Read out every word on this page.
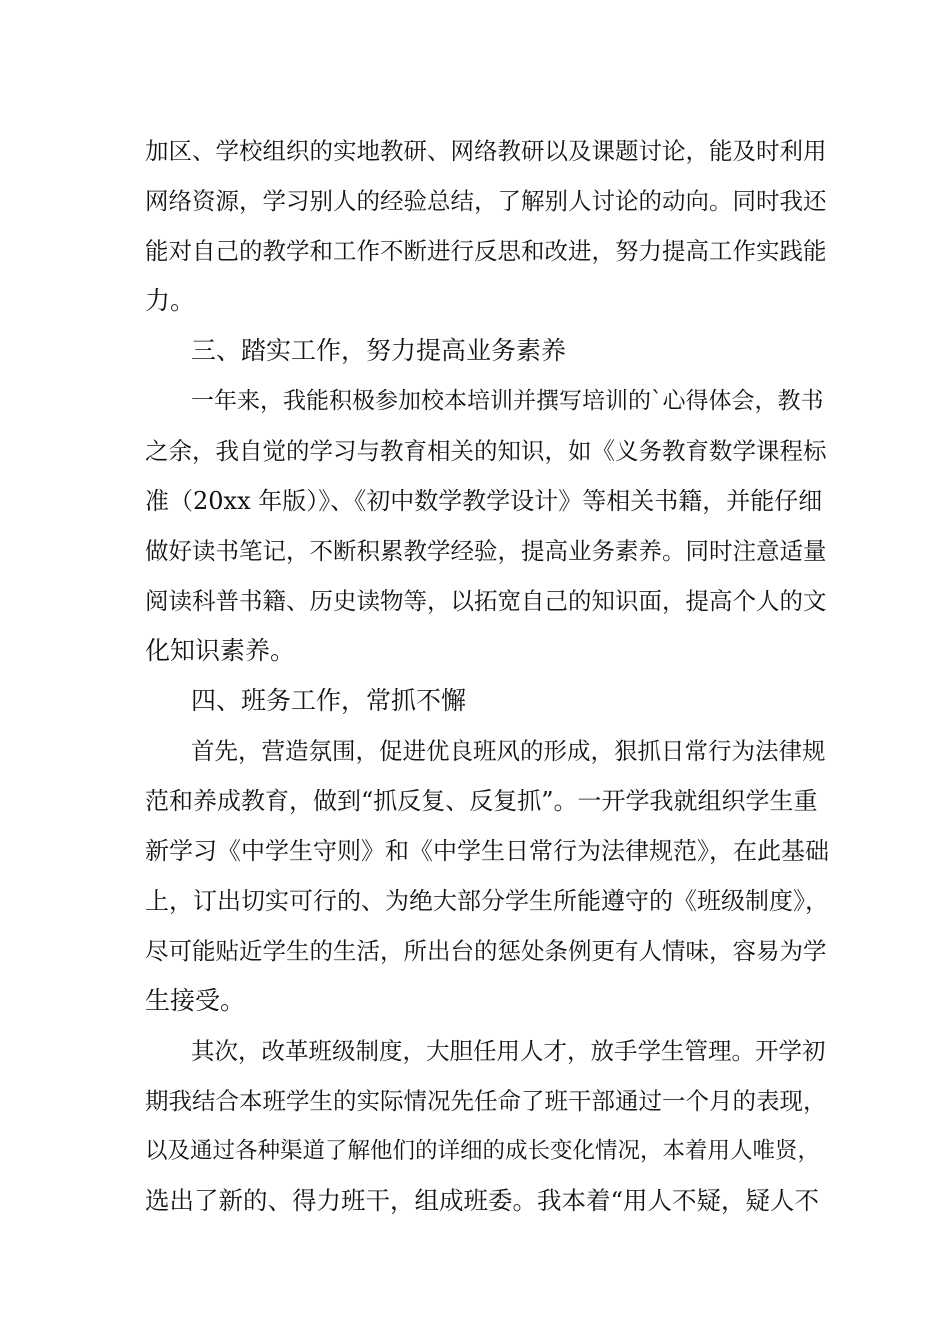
加区、学校组织的实地教研、网络教研以及课题讨论，能及时利用

网络资源，学习别人的经验总结，了解别人讨论的动向。同时我还

能对自己的教学和工作不断进行反思和改进，努力提高工作实践能

力。

三、踏实工作，努力提高业务素养

一年来，我能积极参加校本培训并撰写培训的`心得体会，教书

之余，我自觉的学习与教育相关的知识，如《义务教育数学课程标

准（20xx 年版）》、《初中数学教学设计》等相关书籍，并能仔细

做好读书笔记，不断积累教学经验，提高业务素养。同时注意适量

阅读科普书籍、历史读物等，以拓宽自己的知识面，提高个人的文

化知识素养。

四、班务工作，常抓不懈

首先，营造氛围，促进优良班风的形成，狠抓日常行为法律规

范和养成教育，做到“抓反复、反复抓”。一开学我就组织学生重

新学习《中学生守则》和《中学生日常行为法律规范》，在此基础

上，订出切实可行的、为绝大部分学生所能遵守的《班级制度》，

尽可能贴近学生的生活，所出台的惩处条例更有人情味，容易为学

生接受。

其次，改革班级制度，大胆任用人才，放手学生管理。开学初

期我结合本班学生的实际情况先任命了班干部通过一个月的表现，

以及通过各种渠道了解他们的详细的成长变化情况，本着用人唯贤，

选出了新的、得力班干，组成班委。我本着“用人不疑，疑人不
